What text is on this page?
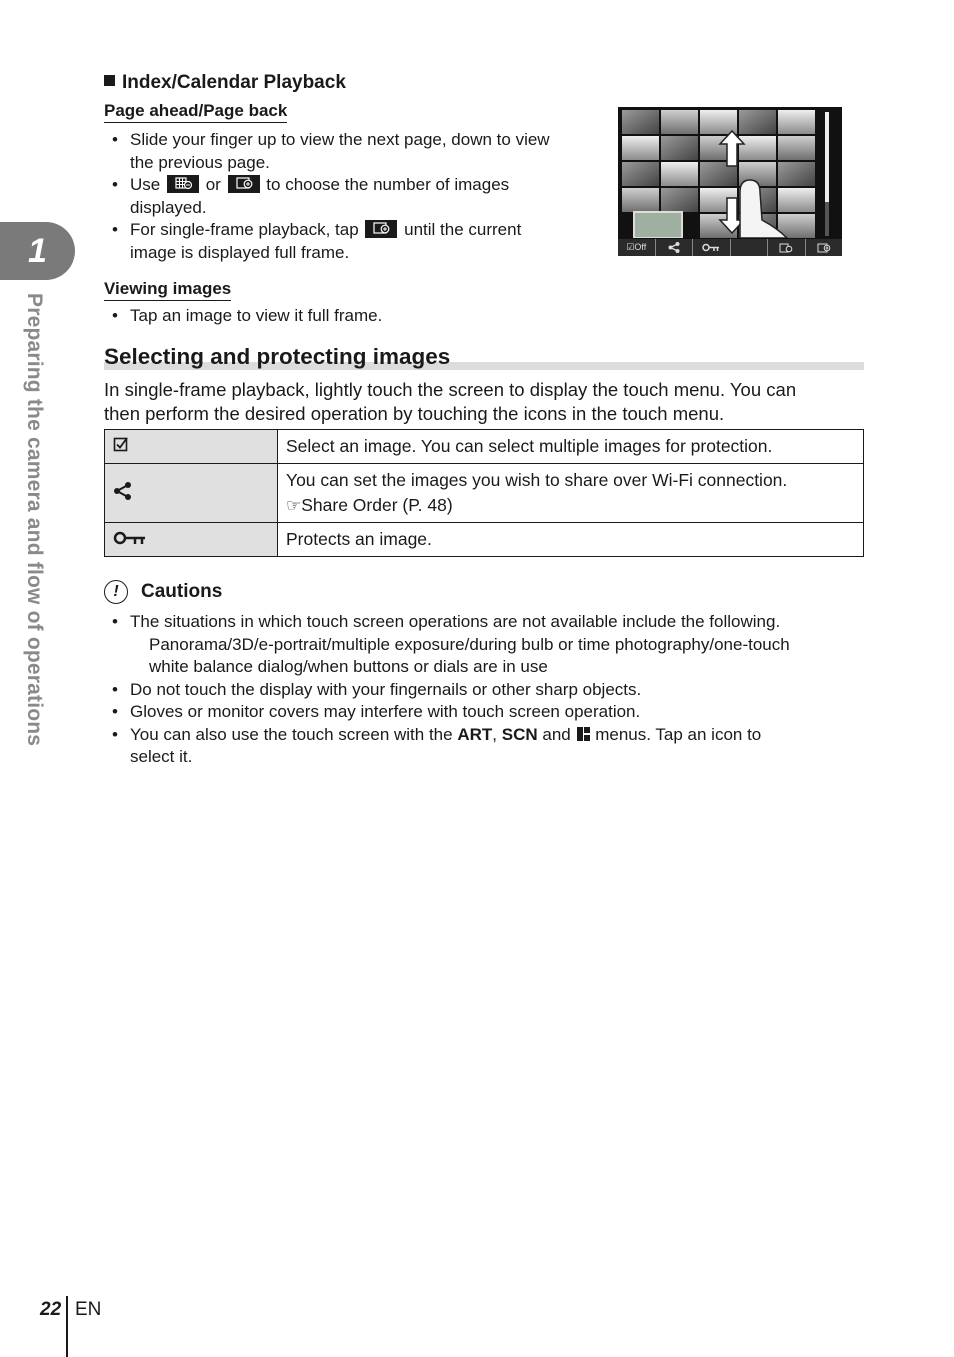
1
Preparing the camera and flow of operations
Index/Calendar Playback
Page ahead/Page back
• Slide your finger up to view the next page, down to view
the previous page.
• Use	or	to choose the number of images
displayed.
• For single-frame playback, tap	until the current
image is displayed full frame.	☑Off
Viewing images
• Tap an image to view it full frame.
Selecting and protecting images
In single-frame playback, lightly touch the screen to display the touch menu. You can
then perform the desired operation by touching the icons in the touch menu.
	Select an image. You can select multiple images for protection.
	You can set the images you wish to share over Wi-Fi connection.
☞Share Order (P. 48)
	Protects an image.
!	Cautions
• The situations in which touch screen operations are not available include the following.
Panorama/3D/e-portrait/multiple exposure/during bulb or time photography/one-touch
white balance dialog/when buttons or dials are in use
• Do not touch the display with your fingernails or other sharp objects.
• Gloves or monitor covers may interfere with touch screen operation.
• You can also use the touch screen with the ART, SCN and menus. Tap an icon to
select it.
22 EN
